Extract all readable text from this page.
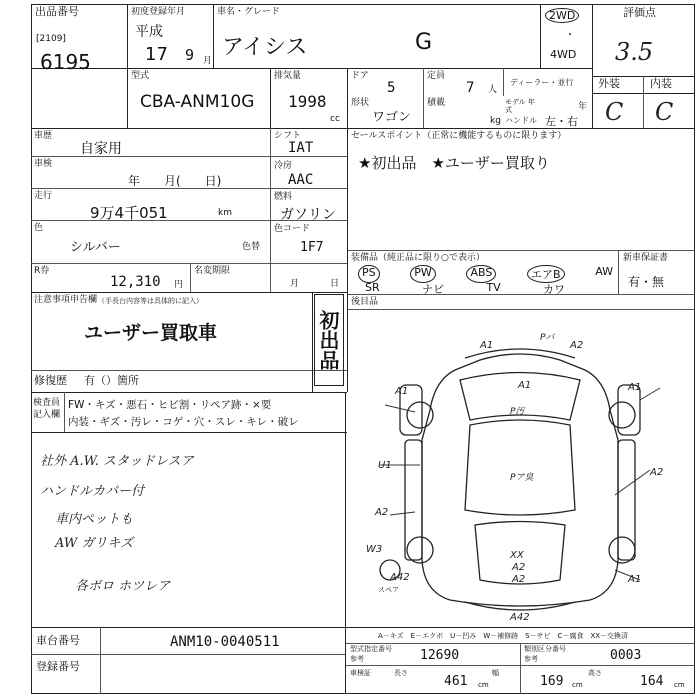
出品番号
[2109]
6195
初度登録年月
平成
17 9 月
車名・グレード
アイシス	G
2WD
・
4WD
評価点
3.5
型式
CBA-ANM10G
排気量
1998
cc
ドア
5
定員
7 人
ディーラー・並行
形状
ワゴン
積載
kg
モデル 年式	年
ハンドル 左・右
外装	内装
C C
車歴
自家用
シフト
IAT
車検
年　　月(　　日)
冷房
AAC
走行
9万4千051	km
燃料
ガソリン
色
シルバー	色替
色コード
1F7
R券
12,310 円
名変期限
月	日
セールスポイント（正常に機能するものに限ります）
★初出品　★ユーザー買取り
装備品（純正品に限り○で表示）	新車保証書
有・無
PS	PW	ABS	エアB	AW
SR	ナビ	TV	カワ
後目品
注意事項申告欄 （手長台内容等は具体的に記入）
ユーザー買取車	初出品
修復歴 有（ ）箇所
検査員 記入欄
FW・キズ・悪石・ヒビ割・リペア跡・×要
内装・ギズ・汚レ・コゲ・穴・スレ・キレ・破レ
社外 A.W. スタッドレスア
ハンドルカバー付
車内ペットも
AW ガリキズ
各ボロ ホツレア
A1	A2
A1
A1	A1
U1
A2
W3
A42
A2
A1
XX
A2
A2
A42
Pバ
P汚
Pア臭
スペア
A－キズ　E－エクボ　U－凹み　W－補修跡　S－サビ　C－腐食　XX－交換済
車台番号	ANM10-0040511
登録番号
型式指定番号
参考	12690	類別区分番号
参考	0003
車検証	長さ
461 cm
幅
169 cm
高さ
164 cm
